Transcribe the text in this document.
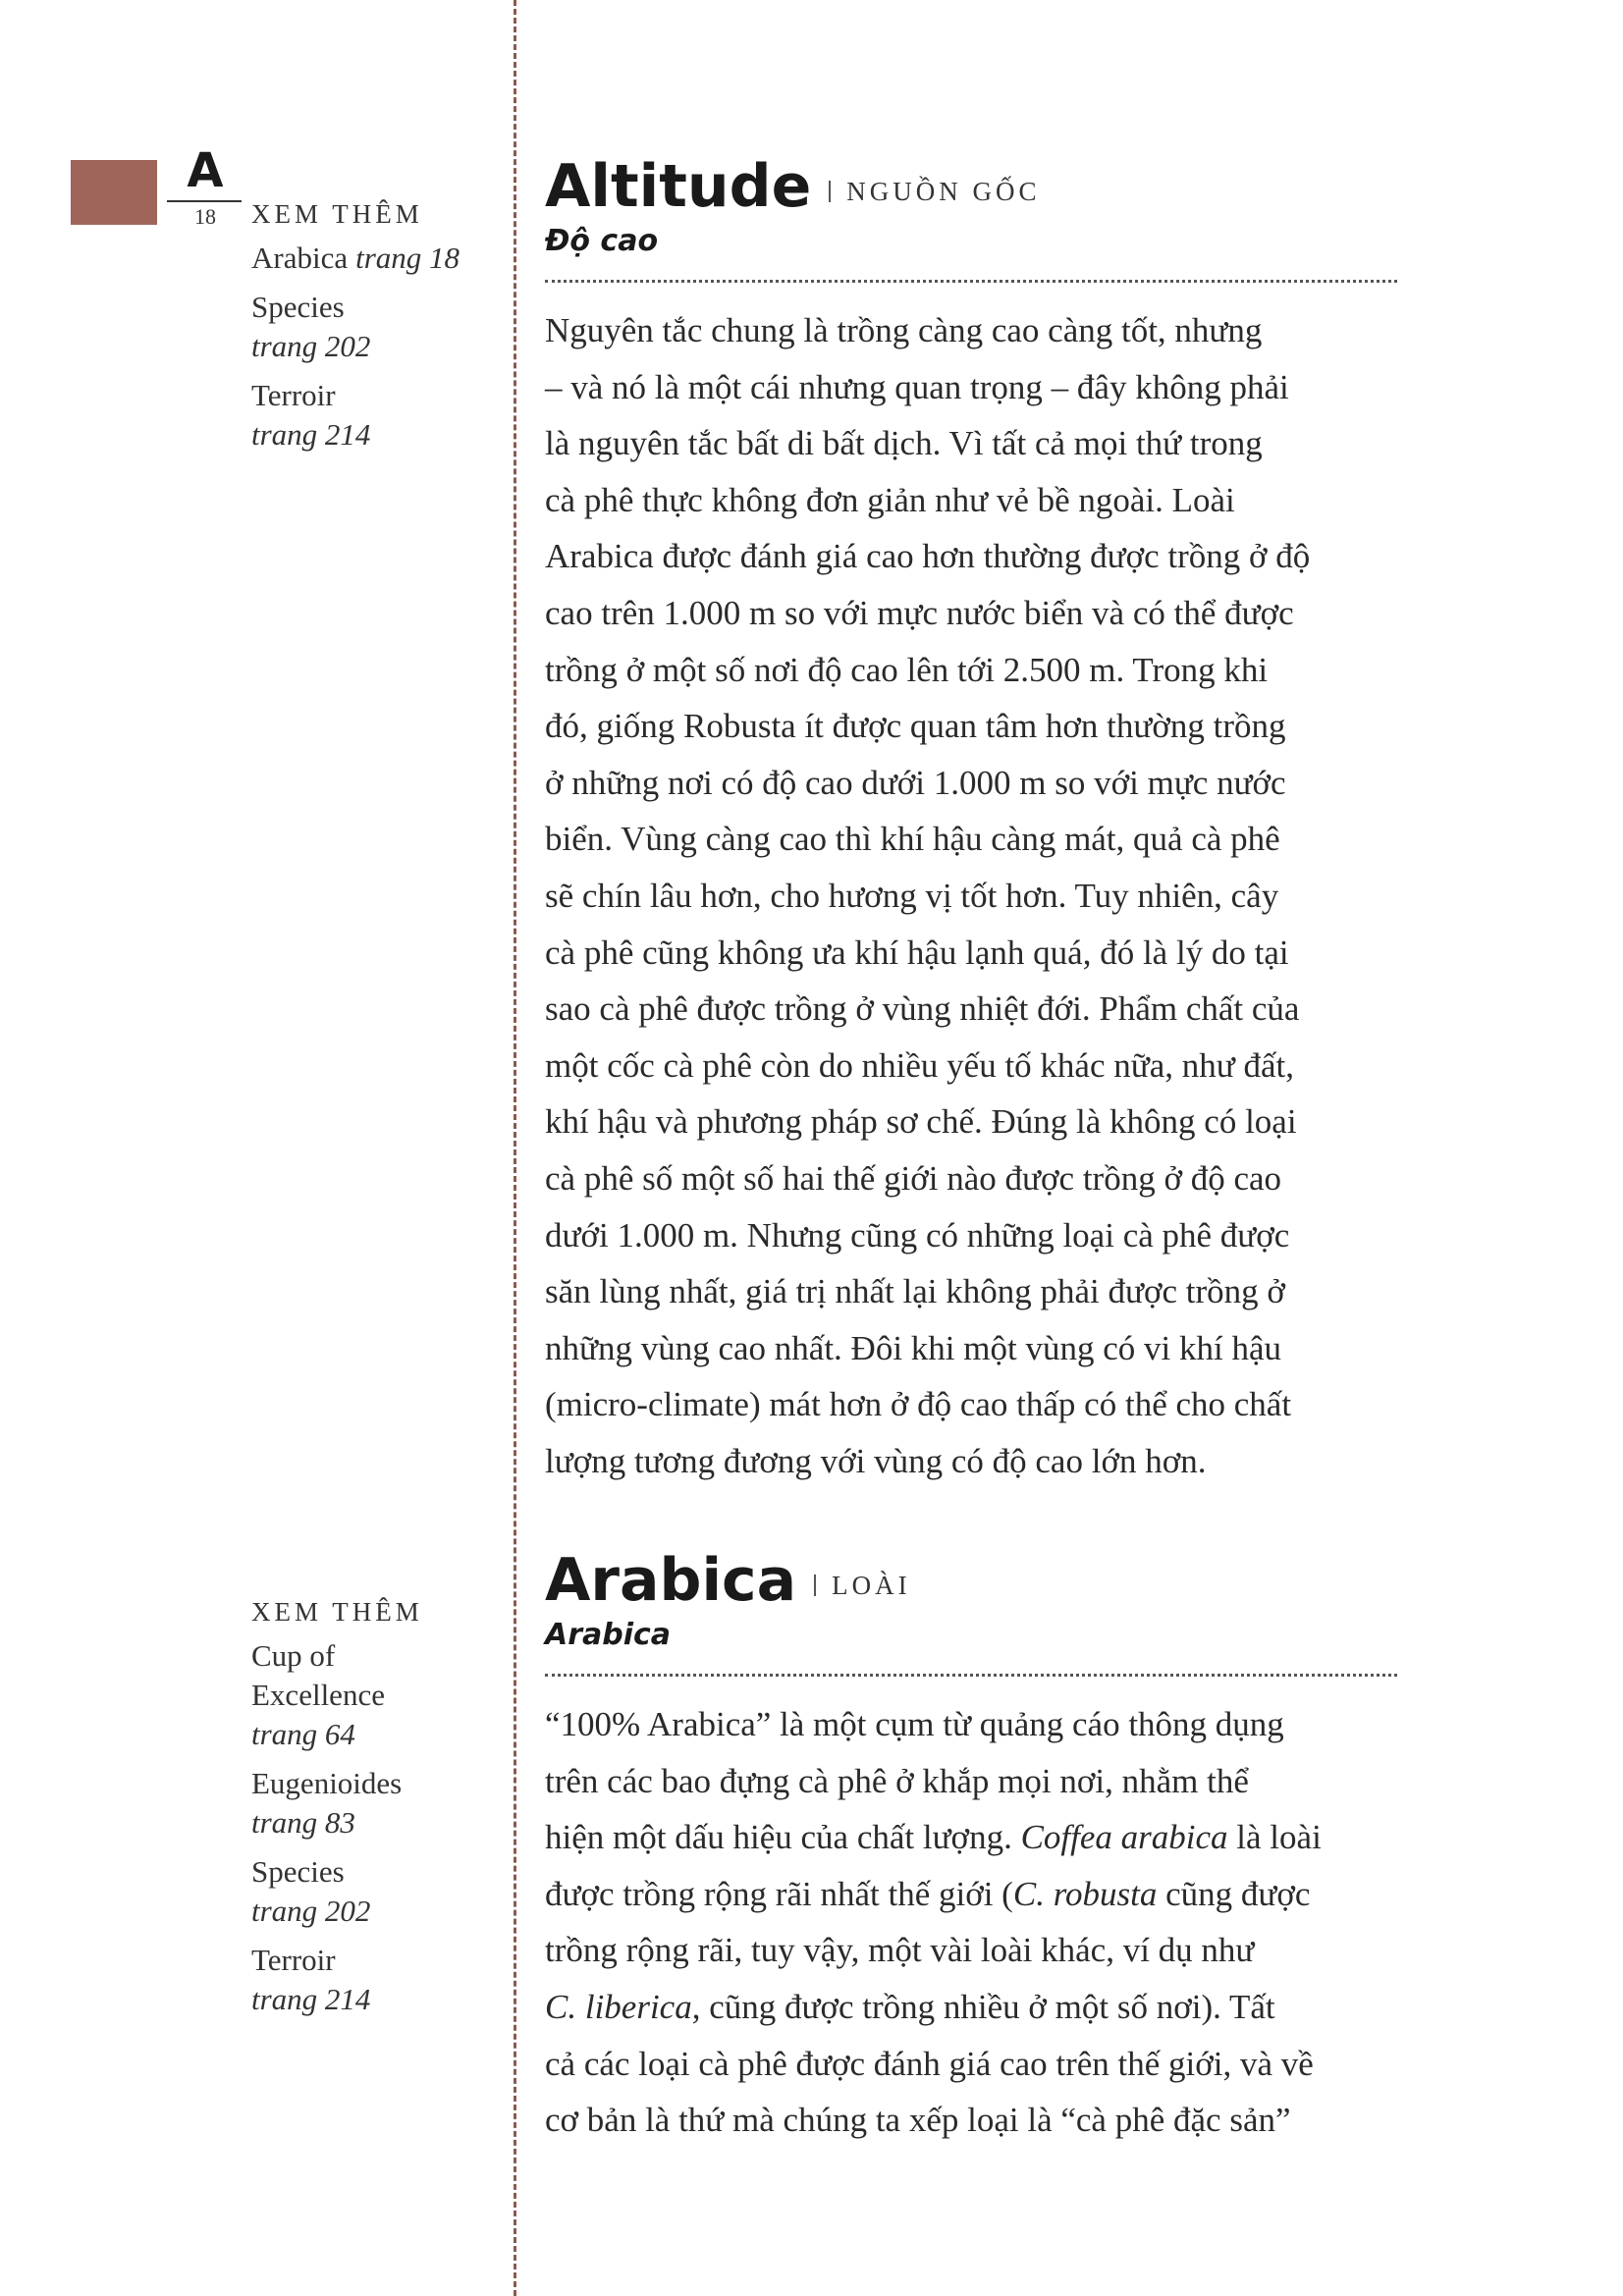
A
18	XEM THÊM
Arabica trang 18
Species
trang 202
Terroir
trang 214
XEM THÊM
Cup of
Excellence
trang 64
Eugenioides
trang 83
Species
trang 202
Terroir
trang 214
Altitude NGUỒN GỐC
Độ cao

Nguyên tắc chung là trồng càng cao càng tốt, nhưng
– và nó là một cái nhưng quan trọng – đây không phải
là nguyên tắc bất di bất dịch. Vì tất cả mọi thứ trong
cà phê thực không đơn giản như vẻ bề ngoài. Loài
Arabica được đánh giá cao hơn thường được trồng ở độ
cao trên 1.000 m so với mực nước biển và có thể được
trồng ở một số nơi độ cao lên tới 2.500 m. Trong khi
đó, giống Robusta ít được quan tâm hơn thường trồng
ở những nơi có độ cao dưới 1.000 m so với mực nước
biển. Vùng càng cao thì khí hậu càng mát, quả cà phê
sẽ chín lâu hơn, cho hương vị tốt hơn. Tuy nhiên, cây
cà phê cũng không ưa khí hậu lạnh quá, đó là lý do tại
sao cà phê được trồng ở vùng nhiệt đới. Phẩm chất của
một cốc cà phê còn do nhiều yếu tố khác nữa, như đất,
khí hậu và phương pháp sơ chế. Đúng là không có loại
cà phê số một số hai thế giới nào được trồng ở độ cao
dưới 1.000 m. Nhưng cũng có những loại cà phê được
săn lùng nhất, giá trị nhất lại không phải được trồng ở
những vùng cao nhất. Đôi khi một vùng có vi khí hậu
(micro-climate) mát hơn ở độ cao thấp có thể cho chất
lượng tương đương với vùng có độ cao lớn hơn.

Arabica LOÀI
Arabica

“100% Arabica” là một cụm từ quảng cáo thông dụng
trên các bao đựng cà phê ở khắp mọi nơi, nhằm thể
hiện một dấu hiệu của chất lượng. Coffea arabica là loài
được trồng rộng rãi nhất thế giới (C. robusta cũng được
trồng rộng rãi, tuy vậy, một vài loài khác, ví dụ như
C. liberica, cũng được trồng nhiều ở một số nơi). Tất
cả các loại cà phê được đánh giá cao trên thế giới, và về
cơ bản là thứ mà chúng ta xếp loại là “cà phê đặc sản”
